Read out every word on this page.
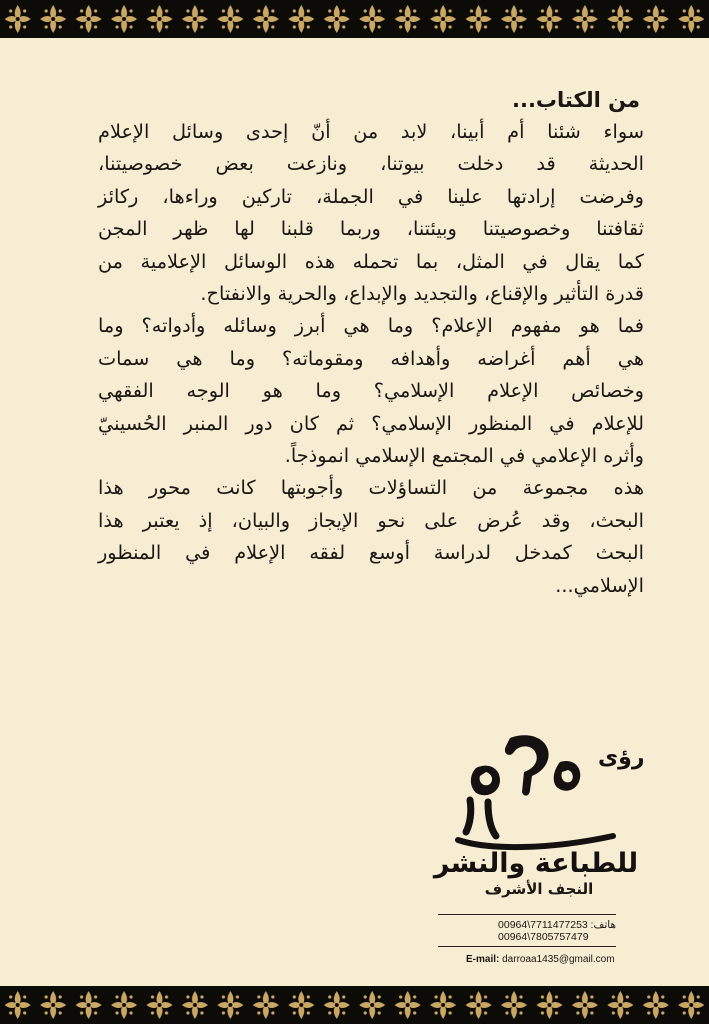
من الكتاب...

سواء شئنا أم أبينا، لابد من أنّ إحدى وسائل الإعلام
الحديثة قد دخلت بيوتنا، ونازعت بعض خصوصيتنا،
وفرضت إرادتها علينا في الجملة، تاركين وراءها، ركائز
ثقافتنا وخصوصيتنا وبيئتنا، وربما قلبنا لها ظهر المجن
كما يقال في المثل، بما تحمله هذه الوسائل الإعلامية من
قدرة التأثير والإقناع، والتجديد والإبداع، والحرية والانفتاح.

فما هو مفهوم الإعلام؟ وما هي أبرز وسائله وأدواته؟ وما
هي أهم أغراضه وأهدافه ومقوماته؟ وما هي سمات
وخصائص الإعلام الإسلامي؟ وما هو الوجه الفقهي
للإعلام في المنظور الإسلامي؟ ثم كان دور المنبر الحُسينيّ
وأثره الإعلامي في المجتمع الإسلامي انموذجاً.

هذه مجموعة من التساؤلات وأجوبتها كانت محور هذا
البحث، وقد عُرض على نحو الإيجاز والبيان، إذ يعتبر هذا
البحث كمدخل لدراسة أوسع لفقه الإعلام في المنظور
الإسلامي...

رؤى
للطباعة والنشر
النجف الأشرف
هاتف:
00964\7711477253
00964\7805757479
E-mail: darroaa1435@gmail.com
